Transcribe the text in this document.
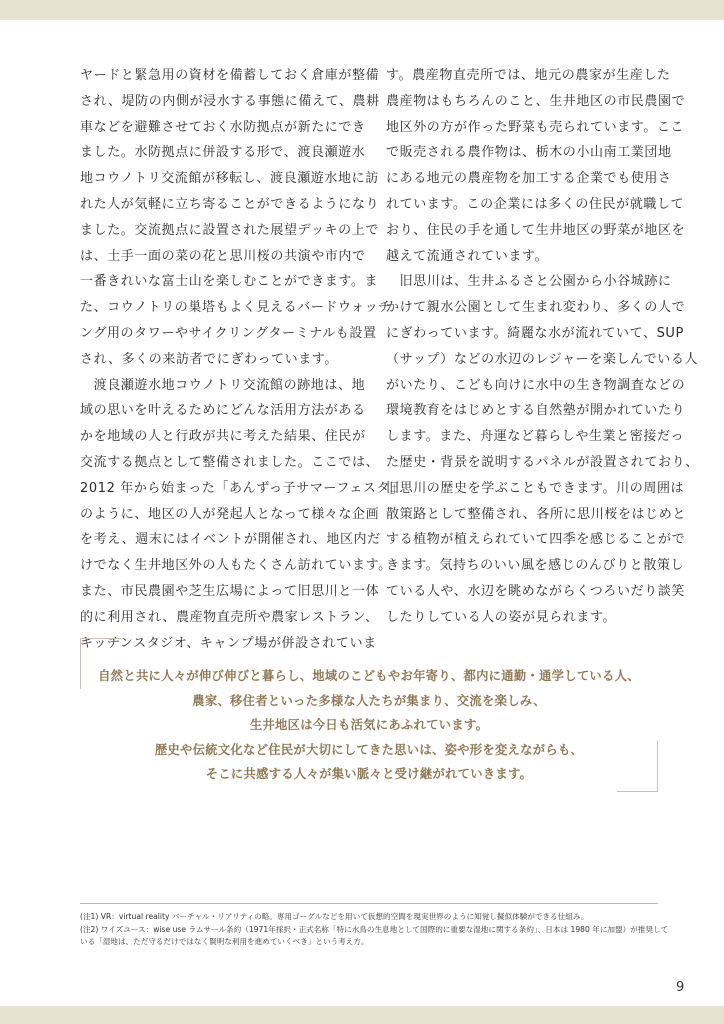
ヤードと緊急用の資材を備蓄しておく倉庫が整備
され、堤防の内側が浸水する事態に備えて、農耕
車などを避難させておく水防拠点が新たにでき
ました。水防拠点に併設する形で、渡良瀬遊水
地コウノトリ交流館が移転し、渡良瀬遊水地に訪
れた人が気軽に立ち寄ることができるようになり
ました。交流拠点に設置された展望デッキの上で
は、土手一面の菜の花と思川桜の共演や市内で
一番きれいな富士山を楽しむことができます。ま
た、コウノトリの巣塔もよく見えるバードウォッチ
ング用のタワーやサイクリングターミナルも設置
され、多くの来訪者でにぎわっています。
　渡良瀬遊水地コウノトリ交流館の跡地は、地
域の思いを叶えるためにどんな活用方法がある
かを地域の人と行政が共に考えた結果、住民が
交流する拠点として整備されました。ここでは、
2012 年から始まった「あんずっ子サマーフェスタ」
のように、地区の人が発起人となって様々な企画
を考え、週末にはイベントが開催され、地区内だ
けでなく生井地区外の人もたくさん訪れています。
また、市民農園や芝生広場によって旧思川と一体
的に利用され、農産物直売所や農家レストラン、
キッチンスタジオ、キャンプ場が併設されていま
す。農産物直売所では、地元の農家が生産した
農産物はもちろんのこと、生井地区の市民農園で
地区外の方が作った野菜も売られています。ここ
で販売される農作物は、栃木の小山南工業団地
にある地元の農産物を加工する企業でも使用さ
れています。この企業には多くの住民が就職して
おり、住民の手を通して生井地区の野菜が地区を
越えて流通されています。
　旧思川は、生井ふるさと公園から小谷城跡に
かけて親水公園として生まれ変わり、多くの人で
にぎわっています。綺麗な水が流れていて、SUP
（サップ）などの水辺のレジャーを楽しんでいる人
がいたり、こども向けに水中の生き物調査などの
環境教育をはじめとする自然塾が開かれていたり
します。また、舟運など暮らしや生業と密接だっ
た歴史・背景を説明するパネルが設置されており、
旧思川の歴史を学ぶこともできます。川の周囲は
散策路として整備され、各所に思川桜をはじめと
する植物が植えられていて四季を感じることがで
きます。気持ちのいい風を感じのんびりと散策し
ている人や、水辺を眺めながらくつろいだり談笑
したりしている人の姿が見られます。
自然と共に人々が伸び伸びと暮らし、地域のこどもやお年寄り、都内に通勤・通学している人、
農家、移住者といった多様な人たちが集まり、交流を楽しみ、
生井地区は今日も活気にあふれています。
歴史や伝統文化など住民が大切にしてきた思いは、姿や形を変えながらも、
そこに共感する人々が集い脈々と受け継がれていきます。
(注1) VR：virtual reality バーチャル・リアリティの略。専用ゴーグルなどを用いて仮想的空間を現実世界のように知覚し擬似体験ができる仕組み。
(注2) ワイズユース：wise use ラムサール条約（1971年採択・正式名称「特に水鳥の生息地として国際的に重要な湿地に関する条約」、日本は 1980 年に加盟）が推奨して
いる「湿地は、ただ守るだけではなく賢明な利用を進めていくべき」という考え方。
9
